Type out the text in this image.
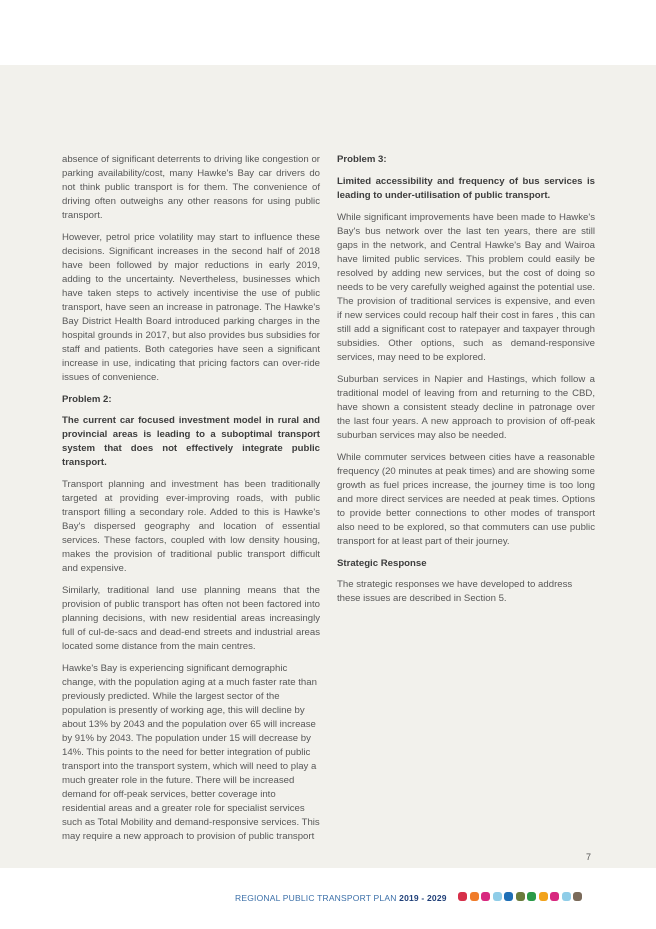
absence of significant deterrents to driving like congestion or parking availability/cost, many Hawke's Bay car drivers do not think public transport is for them. The convenience of driving often outweighs any other reasons for using public transport.

However, petrol price volatility may start to influence these decisions. Significant increases in the second half of 2018 have been followed by major reductions in early 2019, adding to the uncertainty. Nevertheless, businesses which have taken steps to actively incentivise the use of public transport, have seen an increase in patronage. The Hawke's Bay District Health Board introduced parking charges in the hospital grounds in 2017, but also provides bus subsidies for staff and patients. Both categories have seen a significant increase in use, indicating that pricing factors can over-ride issues of convenience.

Problem 2:
The current car focused investment model in rural and provincial areas is leading to a suboptimal transport system that does not effectively integrate public transport.

Transport planning and investment has been traditionally targeted at providing ever-improving roads, with public transport filling a secondary role. Added to this is Hawke's Bay's dispersed geography and location of essential services. These factors, coupled with low density housing, makes the provision of traditional public transport difficult and expensive.

Similarly, traditional land use planning means that the provision of public transport has often not been factored into planning decisions, with new residential areas increasingly full of cul-de-sacs and dead-end streets and industrial areas located some distance from the main centres.

Hawke's Bay is experiencing significant demographic change, with the population aging at a much faster rate than previously predicted. While the largest sector of the population is presently of working age, this will decline by about 13% by 2043 and the population over 65 will increase by 91% by 2043. The population under 15 will decrease by 14%. This points to the need for better integration of public transport into the transport system, which will need to play a much greater role in the future. There will be increased demand for off-peak services, better coverage into residential areas and a greater role for specialist services such as Total Mobility and demand-responsive services. This may require a new approach to provision of public transport

Problem 3:
Limited accessibility and frequency of bus services is leading to under-utilisation of public transport.

While significant improvements have been made to Hawke's Bay's bus network over the last ten years, there are still gaps in the network, and Central Hawke's Bay and Wairoa have limited public services. This problem could easily be resolved by adding new services, but the cost of doing so needs to be very carefully weighed against the potential use. The provision of traditional services is expensive, and even if new services could recoup half their cost in fares , this can still add a significant cost to ratepayer and taxpayer through subsidies. Other options, such as demand-responsive services, may need to be explored.

Suburban services in Napier and Hastings, which follow a traditional model of leaving from and returning to the CBD, have shown a consistent steady decline in patronage over the last four years. A new approach to provision of off-peak suburban services may also be needed.

While commuter services between cities have a reasonable frequency (20 minutes at peak times) and are showing some growth as fuel prices increase, the journey time is too long and more direct services are needed at peak times. Options to provide better connections to other modes of transport also need to be explored, so that commuters can use public transport for at least part of their journey.

Strategic Response

The strategic responses we have developed to address these issues are described in Section 5.

7
REGIONAL PUBLIC TRANSPORT PLAN 2019 - 2029
